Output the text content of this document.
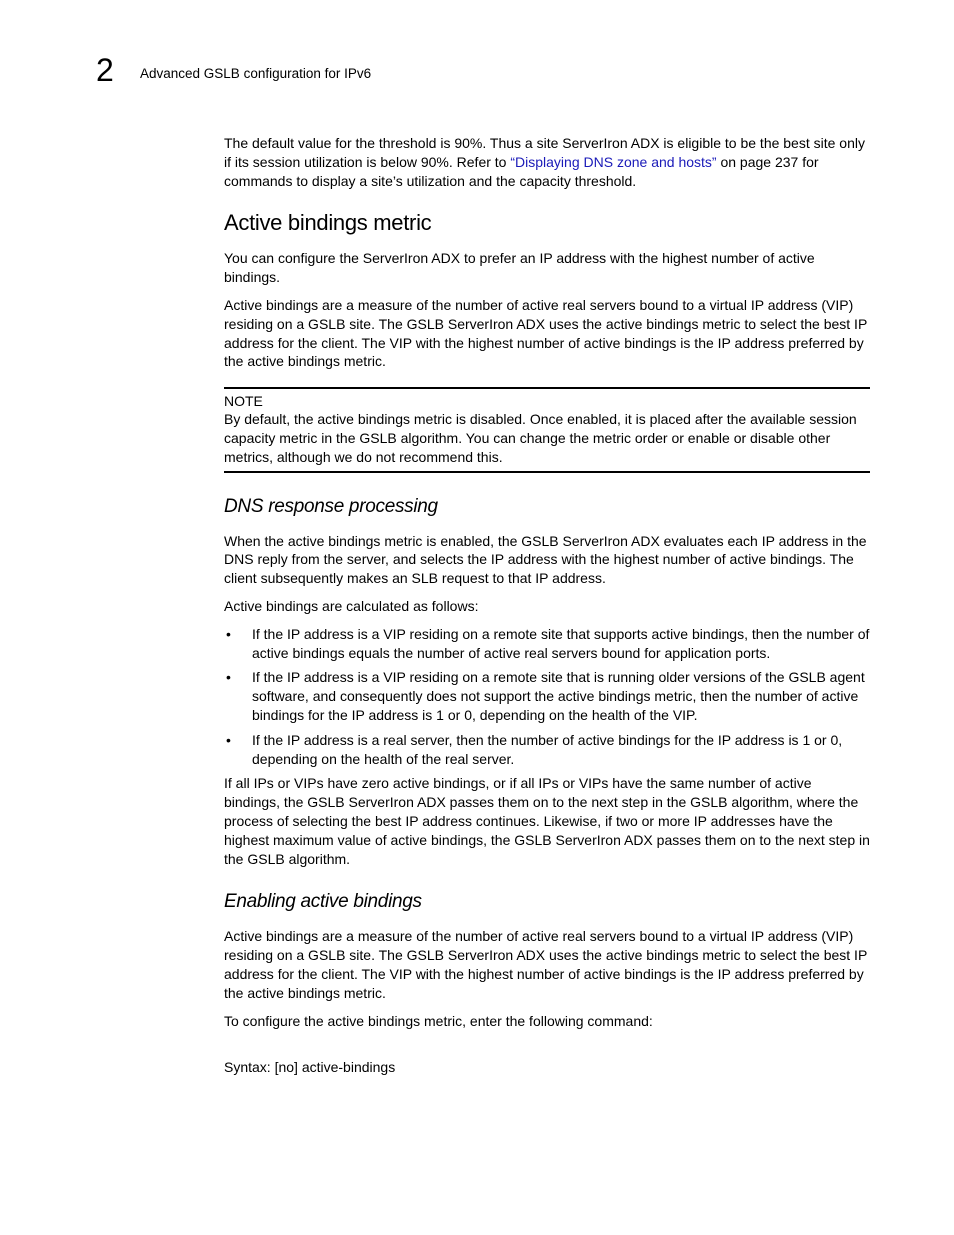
2 Advanced GSLB configuration for IPv6

The default value for the threshold is 90%. Thus a site ServerIron ADX is eligible to be the best site only if its session utilization is below 90%. Refer to “Displaying DNS zone and hosts” on page 237 for commands to display a site’s utilization and the capacity threshold.

Active bindings metric

You can configure the ServerIron ADX to prefer an IP address with the highest number of active bindings.

Active bindings are a measure of the number of active real servers bound to a virtual IP address (VIP) residing on a GSLB site. The GSLB ServerIron ADX uses the active bindings metric to select the best IP address for the client. The VIP with the highest number of active bindings is the IP address preferred by the active bindings metric.

NOTE

By default, the active bindings metric is disabled. Once enabled, it is placed after the available session capacity metric in the GSLB algorithm. You can change the metric order or enable or disable other metrics, although we do not recommend this.

DNS response processing

When the active bindings metric is enabled, the GSLB ServerIron ADX evaluates each IP address in the DNS reply from the server, and selects the IP address with the highest number of active bindings. The client subsequently makes an SLB request to that IP address.

Active bindings are calculated as follows:

• If the IP address is a VIP residing on a remote site that supports active bindings, then the number of active bindings equals the number of active real servers bound for application ports.
• If the IP address is a VIP residing on a remote site that is running older versions of the GSLB agent software, and consequently does not support the active bindings metric, then the number of active bindings for the IP address is 1 or 0, depending on the health of the VIP.
• If the IP address is a real server, then the number of active bindings for the IP address is 1 or 0, depending on the health of the real server.

If all IPs or VIPs have zero active bindings, or if all IPs or VIPs have the same number of active bindings, the GSLB ServerIron ADX passes them on to the next step in the GSLB algorithm, where the process of selecting the best IP address continues. Likewise, if two or more IP addresses have the highest maximum value of active bindings, the GSLB ServerIron ADX passes them on to the next step in the GSLB algorithm.

Enabling active bindings

Active bindings are a measure of the number of active real servers bound to a virtual IP address (VIP) residing on a GSLB site. The GSLB ServerIron ADX uses the active bindings metric to select the best IP address for the client. The VIP with the highest number of active bindings is the IP address preferred by the active bindings metric.

To configure the active bindings metric, enter the following command:

Syntax: [no] active-bindings
